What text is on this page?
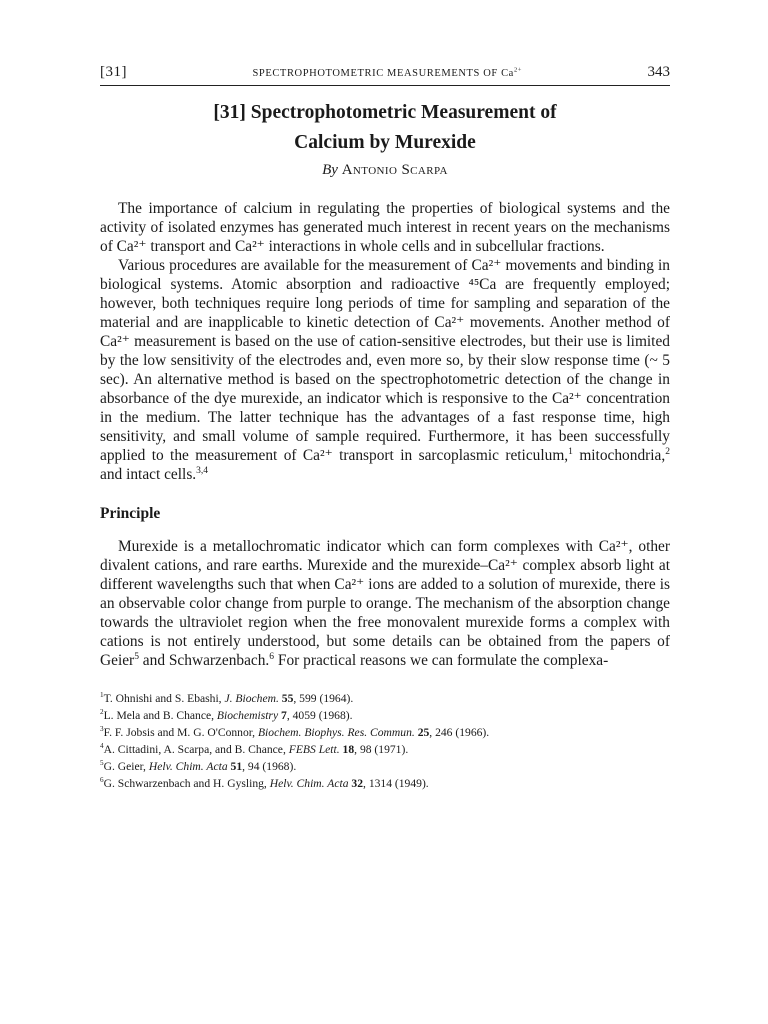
[31]	SPECTROPHOTOMETRIC MEASUREMENTS OF $Ca^{2+}$	343
[31] Spectrophotometric Measurement of
Calcium by Murexide
By Antonio Scarpa

The importance of calcium in regulating the properties of biological systems and the activity of isolated enzymes has generated much interest in recent years on the mechanisms of Ca²⁺ transport and Ca²⁺ interactions in whole cells and in subcellular fractions.

Various procedures are available for the measurement of Ca²⁺ movements and binding in biological systems. Atomic absorption and radioactive ⁴⁵Ca are frequently employed; however, both techniques require long periods of time for sampling and separation of the material and are inapplicable to kinetic detection of Ca²⁺ movements. Another method of Ca²⁺ measurement is based on the use of cation-sensitive electrodes, but their use is limited by the low sensitivity of the electrodes and, even more so, by their slow response time (~ 5 sec). An alternative method is based on the spectrophotometric detection of the change in absorbance of the dye murexide, an indicator which is responsive to the Ca²⁺ concentration in the medium. The latter technique has the advantages of a fast response time, high sensitivity, and small volume of sample required. Furthermore, it has been successfully applied to the measurement of Ca²⁺ transport in sarcoplasmic reticulum,$^1$ mitochondria,$^2$ and intact cells.$^{3,4}$

Principle

Murexide is a metallochromatic indicator which can form complexes with Ca²⁺, other divalent cations, and rare earths. Murexide and the murexide–Ca²⁺ complex absorb light at different wavelengths such that when Ca²⁺ ions are added to a solution of murexide, there is an observable color change from purple to orange. The mechanism of the absorption change towards the ultraviolet region when the free monovalent murexide forms a complex with cations is not entirely understood, but some details can be obtained from the papers of Geier$^5$ and Schwarzenbach.$^6$ For practical reasons we can formulate the complexa-

$^1$T. Ohnishi and S. Ebashi, J. Biochem. 55, 599 (1964).
$^2$L. Mela and B. Chance, Biochemistry 7, 4059 (1968).
$^3$F. F. Jobsis and M. G. O'Connor, Biochem. Biophys. Res. Commun. 25, 246 (1966).
$^4$A. Cittadini, A. Scarpa, and B. Chance, FEBS Lett. 18, 98 (1971).
$^5$G. Geier, Helv. Chim. Acta 51, 94 (1968).
$^6$G. Schwarzenbach and H. Gysling, Helv. Chim. Acta 32, 1314 (1949).
